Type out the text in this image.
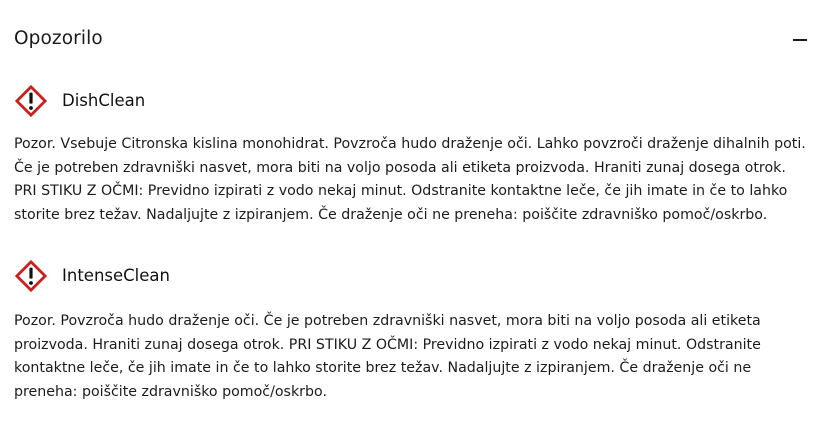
Opozorilo
DishClean

Pozor. Vsebuje Citronska kislina monohidrat. Povzroča hudo draženje oči. Lahko povzroči draženje dihalnih poti. Če je potreben zdravniški nasvet, mora biti na voljo posoda ali etiketa proizvoda. Hraniti zunaj dosega otrok. PRI STIKU Z OČMI: Previdno izpirati z vodo nekaj minut. Odstranite kontaktne leče, če jih imate in če to lahko storite brez težav. Nadaljujte z izpiranjem. Če draženje oči ne preneha: poiščite zdravniško pomoč/oskrbo.

IntenseClean

Pozor. Povzroča hudo draženje oči. Če je potreben zdravniški nasvet, mora biti na voljo posoda ali etiketa proizvoda. Hraniti zunaj dosega otrok. PRI STIKU Z OČMI: Previdno izpirati z vodo nekaj minut. Odstranite kontaktne leče, če jih imate in če to lahko storite brez težav. Nadaljujte z izpiranjem. Če draženje oči ne preneha: poiščite zdravniško pomoč/oskrbo.
